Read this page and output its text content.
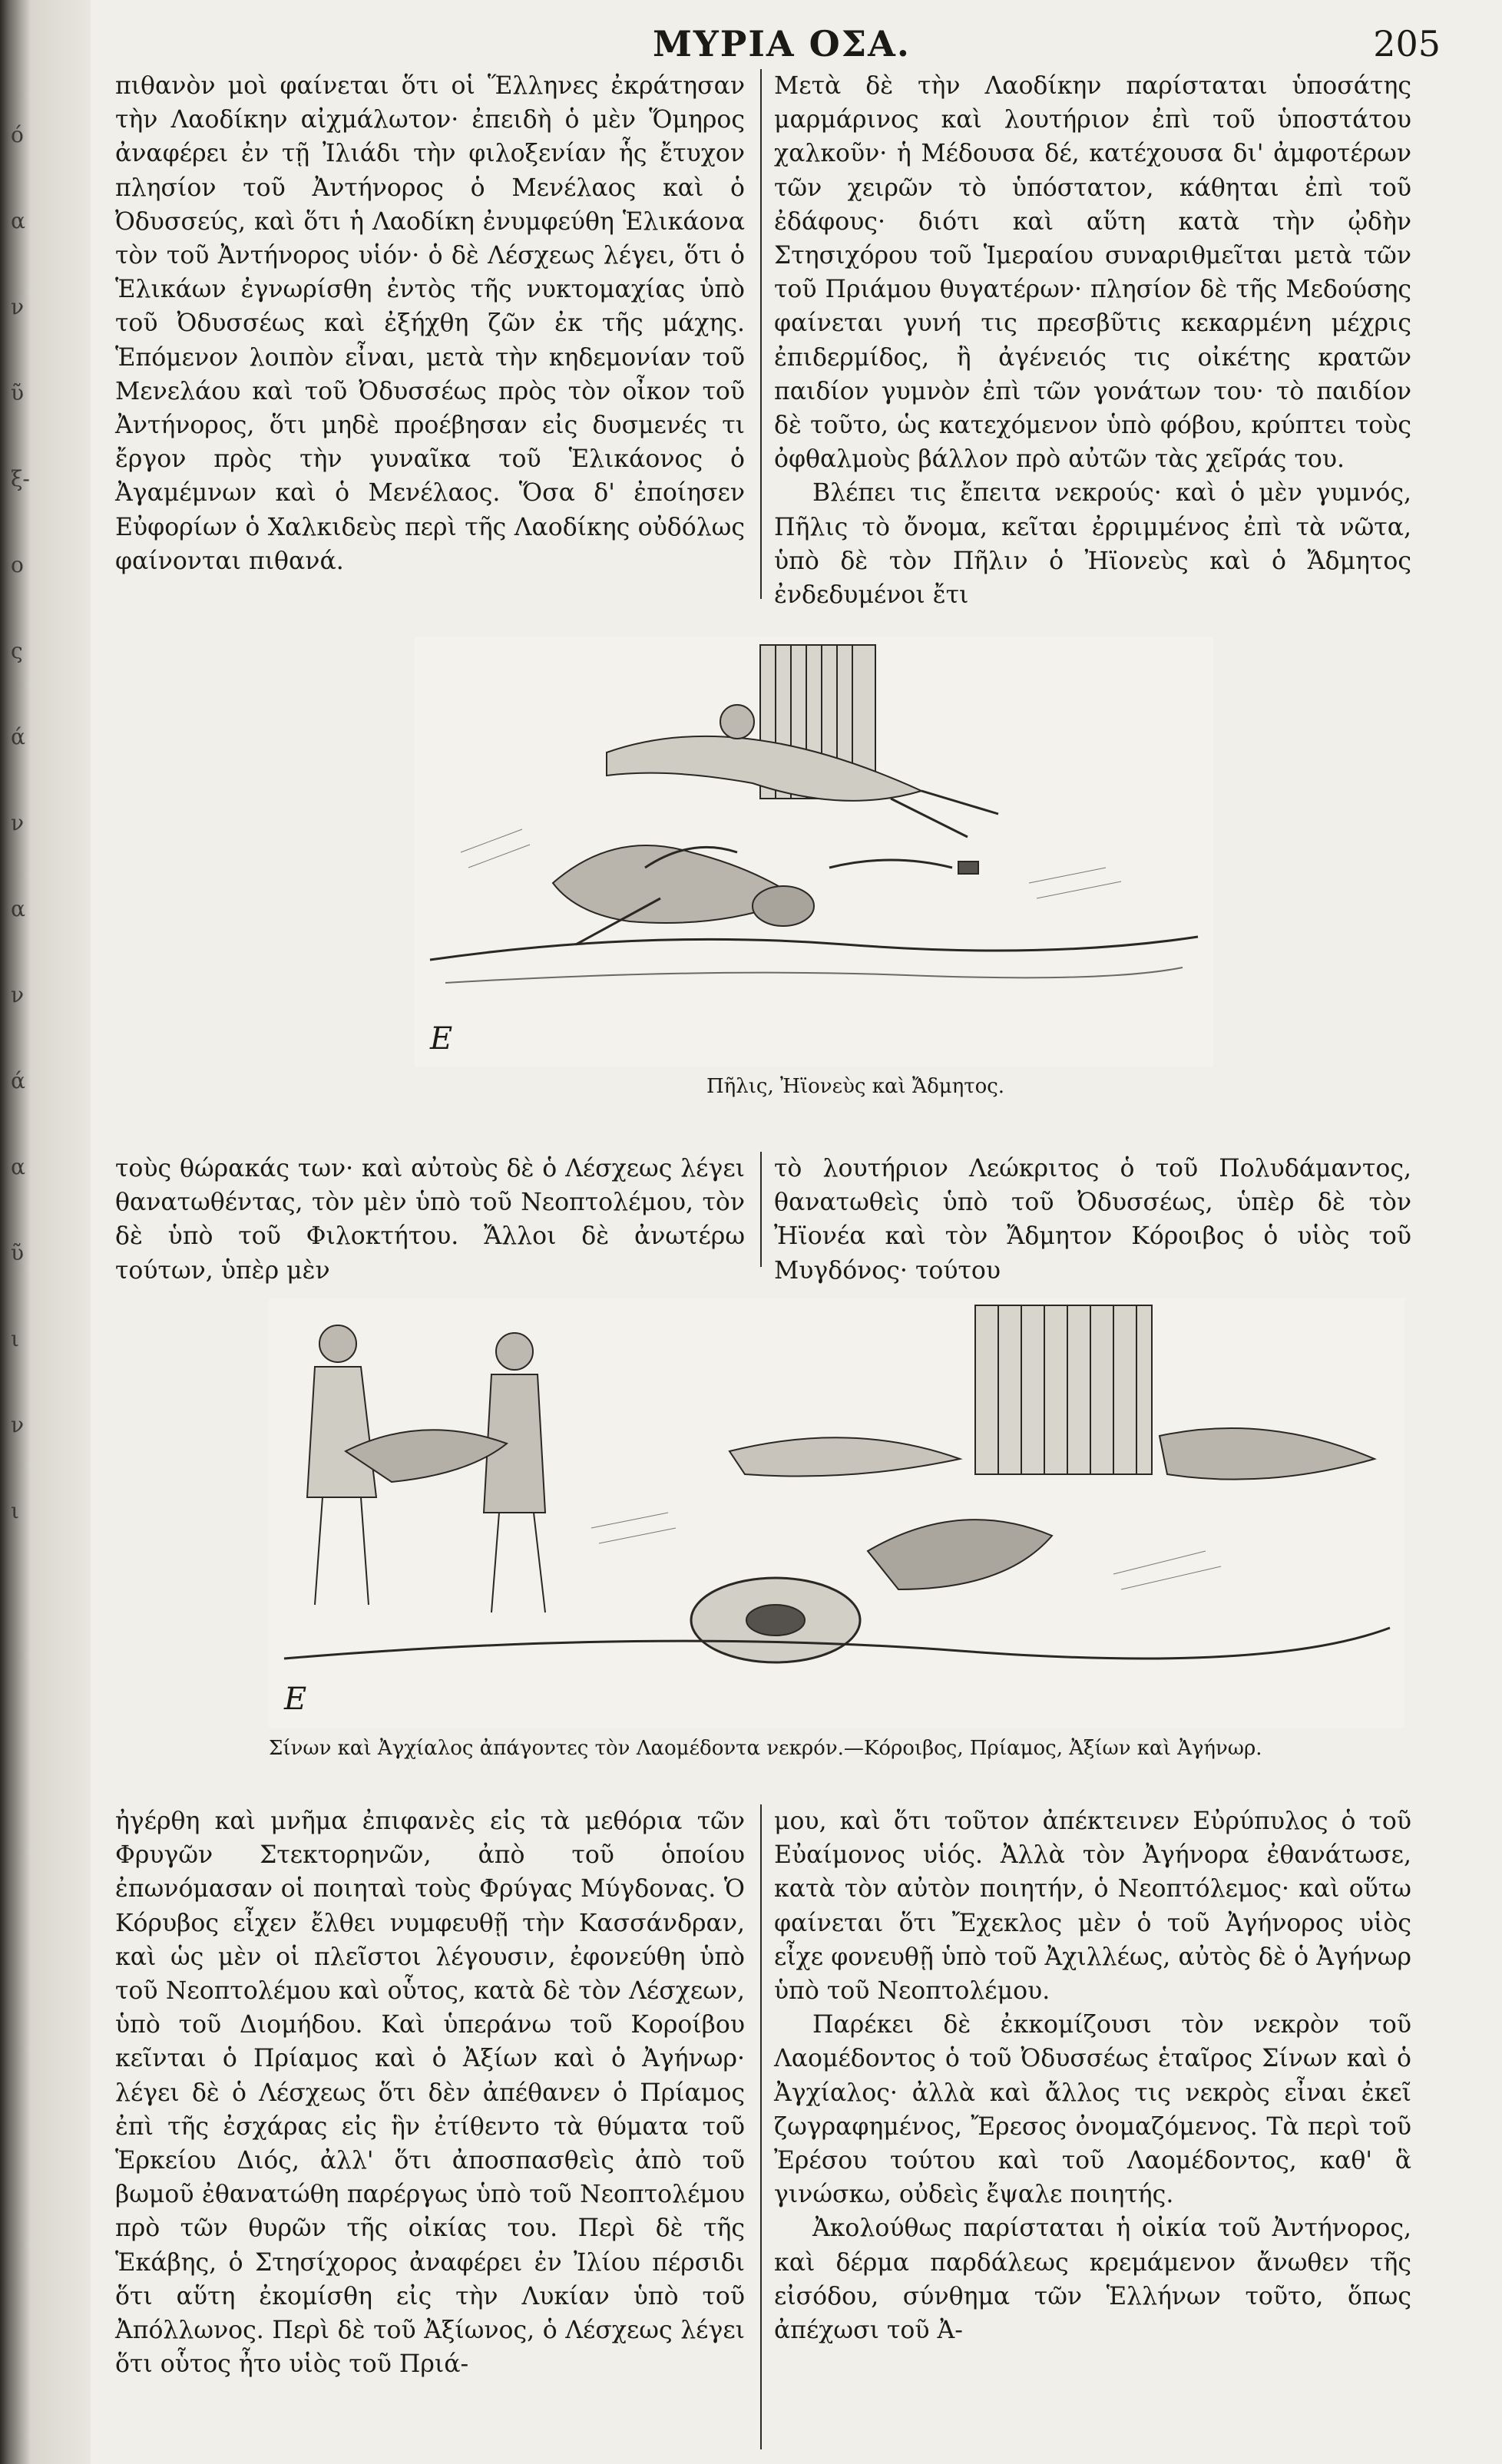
ό
α
ν
ῦ
ξ-
ο
ς
ά
ν
α
ν
ά
α
ῦ
ι
ν
ι
ΜΥΡΙΑ ΟΣΑ.	205

πιθανὸν μοὶ φαίνεται ὅτι οἱ Ἕλληνες ἐκράτησαν τὴν Λαοδίκην αἰχμάλωτον· ἐπειδὴ ὁ μὲν Ὅμηρος ἀναφέρει ἐν τῇ Ἰλιάδι τὴν φιλοξενίαν ἧς ἔτυχον πλησίον τοῦ Ἀντήνορος ὁ Μενέλαος καὶ ὁ Ὀδυσσεύς, καὶ ὅτι ἡ Λαοδίκη ἐνυμφεύθη Ἑλικάονα τὸν τοῦ Ἀντήνορος υἱόν· ὁ δὲ Λέσχεως λέγει, ὅτι ὁ Ἑλικάων ἐγνωρίσθη ἐντὸς τῆς νυκτομαχίας ὑπὸ τοῦ Ὀδυσσέως καὶ ἐξήχθη ζῶν ἐκ τῆς μάχης. Ἑπόμενον λοιπὸν εἶναι, μετὰ τὴν κηδεμονίαν τοῦ Μενελάου καὶ τοῦ Ὀδυσσέως πρὸς τὸν οἶκον τοῦ Ἀντήνορος, ὅτι μηδὲ προέβησαν εἰς δυσμενές τι ἔργον πρὸς τὴν γυναῖκα τοῦ Ἑλικάονος ὁ Ἀγαμέμνων καὶ ὁ Μενέλαος. Ὅσα δ' ἐποίησεν Εὐφορίων ὁ Χαλκιδεὺς περὶ τῆς Λαοδίκης οὐδόλως φαίνονται πιθανά.

Μετὰ δὲ τὴν Λαοδίκην παρίσταται ὑποσάτης μαρμάρινος καὶ λουτήριον ἐπὶ τοῦ ὑποστάτου χαλκοῦν· ἡ Μέδουσα δέ, κατέχουσα δι' ἀμφοτέρων τῶν χειρῶν τὸ ὑπόστατον, κάθηται ἐπὶ τοῦ ἐδάφους· διότι καὶ αὕτη κατὰ τὴν ᾠδὴν Στησιχόρου τοῦ Ἱμεραίου συναριθμεῖται μετὰ τῶν τοῦ Πριάμου θυγατέρων· πλησίον δὲ τῆς Μεδούσης φαίνεται γυνή τις πρεσβῦτις κεκαρμένη μέχρις ἐπιδερμίδος, ἢ ἀγένειός τις οἰκέτης κρατῶν παιδίον γυμνὸν ἐπὶ τῶν γονάτων του· τὸ παιδίον δὲ τοῦτο, ὡς κατεχόμενον ὑπὸ φόβου, κρύπτει τοὺς ὀφθαλμοὺς βάλλον πρὸ αὐτῶν τὰς χεῖράς του.

Βλέπει τις ἔπειτα νεκρούς· καὶ ὁ μὲν γυμνός, Πῆλις τὸ ὄνομα, κεῖται ἐρριμμένος ἐπὶ τὰ νῶτα, ὑπὸ δὲ τὸν Πῆλιν ὁ Ἠϊονεὺς καὶ ὁ Ἄδμητος ἐνδεδυμένοι ἔτι

E
Πῆλις, Ἠϊονεὺς καὶ Ἄδμητος.

τοὺς θώρακάς των· καὶ αὐτοὺς δὲ ὁ Λέσχεως λέγει θανατωθέντας, τὸν μὲν ὑπὸ τοῦ Νεοπτολέμου, τὸν δὲ ὑπὸ τοῦ Φιλοκτήτου. Ἄλλοι δὲ ἀνωτέρω τούτων, ὑπὲρ μὲν

τὸ λουτήριον Λεώκριτος ὁ τοῦ Πολυδάμαντος, θανατωθεὶς ὑπὸ τοῦ Ὀδυσσέως, ὑπὲρ δὲ τὸν Ἠϊονέα καὶ τὸν Ἄδμητον Κόροιβος ὁ υἱὸς τοῦ Μυγδόνος· τούτου

E
Σίνων καὶ Ἀγχίαλος ἀπάγοντες τὸν Λαομέδοντα νεκρόν.—Κόροιβος, Πρίαμος, Ἀξίων καὶ Ἀγήνωρ.

ἠγέρθη καὶ μνῆμα ἐπιφανὲς εἰς τὰ μεθόρια τῶν Φρυγῶν Στεκτορηνῶν, ἀπὸ τοῦ ὁποίου ἐπωνόμασαν οἱ ποιηταὶ τοὺς Φρύγας Μύγδονας. Ὁ Κόρυβος εἶχεν ἔλθει νυμφευθῇ τὴν Κασσάνδραν, καὶ ὡς μὲν οἱ πλεῖστοι λέγουσιν, ἐφονεύθη ὑπὸ τοῦ Νεοπτολέμου καὶ οὗτος, κατὰ δὲ τὸν Λέσχεων, ὑπὸ τοῦ Διομήδου. Καὶ ὑπεράνω τοῦ Κοροίβου κεῖνται ὁ Πρίαμος καὶ ὁ Ἀξίων καὶ ὁ Ἀγήνωρ· λέγει δὲ ὁ Λέσχεως ὅτι δὲν ἀπέθανεν ὁ Πρίαμος ἐπὶ τῆς ἐσχάρας εἰς ἣν ἐτίθεντο τὰ θύματα τοῦ Ἑρκείου Διός, ἀλλ' ὅτι ἀποσπασθεὶς ἀπὸ τοῦ βωμοῦ ἐθανατώθη παρέργως ὑπὸ τοῦ Νεοπτολέμου πρὸ τῶν θυρῶν τῆς οἰκίας του. Περὶ δὲ τῆς Ἑκάβης, ὁ Στησίχορος ἀναφέρει ἐν Ἰλίου πέρσιδι ὅτι αὕτη ἐκομίσθη εἰς τὴν Λυκίαν ὑπὸ τοῦ Ἀπόλλωνος. Περὶ δὲ τοῦ Ἀξίωνος, ὁ Λέσχεως λέγει ὅτι οὗτος ἦτο υἱὸς τοῦ Πριά-

μου, καὶ ὅτι τοῦτον ἀπέκτεινεν Εὐρύπυλος ὁ τοῦ Εὐαίμονος υἱός. Ἀλλὰ τὸν Ἀγήνορα ἐθανάτωσε, κατὰ τὸν αὐτὸν ποιητήν, ὁ Νεοπτόλεμος· καὶ οὕτω φαίνεται ὅτι Ἔχεκλος μὲν ὁ τοῦ Ἀγήνορος υἱὸς εἶχε φονευθῇ ὑπὸ τοῦ Ἀχιλλέως, αὐτὸς δὲ ὁ Ἀγήνωρ ὑπὸ τοῦ Νεοπτολέμου.

Παρέκει δὲ ἐκκομίζουσι τὸν νεκρὸν τοῦ Λαομέδοντος ὁ τοῦ Ὀδυσσέως ἑταῖρος Σίνων καὶ ὁ Ἀγχίαλος· ἀλλὰ καὶ ἄλλος τις νεκρὸς εἶναι ἐκεῖ ζωγραφημένος, Ἔρεσος ὀνομαζόμενος. Τὰ περὶ τοῦ Ἐρέσου τούτου καὶ τοῦ Λαομέδοντος, καθ' ἃ γινώσκω, οὐδεὶς ἔψαλε ποιητής.

Ἀκολούθως παρίσταται ἡ οἰκία τοῦ Ἀντήνορος, καὶ δέρμα παρδάλεως κρεμάμενον ἄνωθεν τῆς εἰσόδου, σύνθημα τῶν Ἑλλήνων τοῦτο, ὅπως ἀπέχωσι τοῦ Ἀ-
